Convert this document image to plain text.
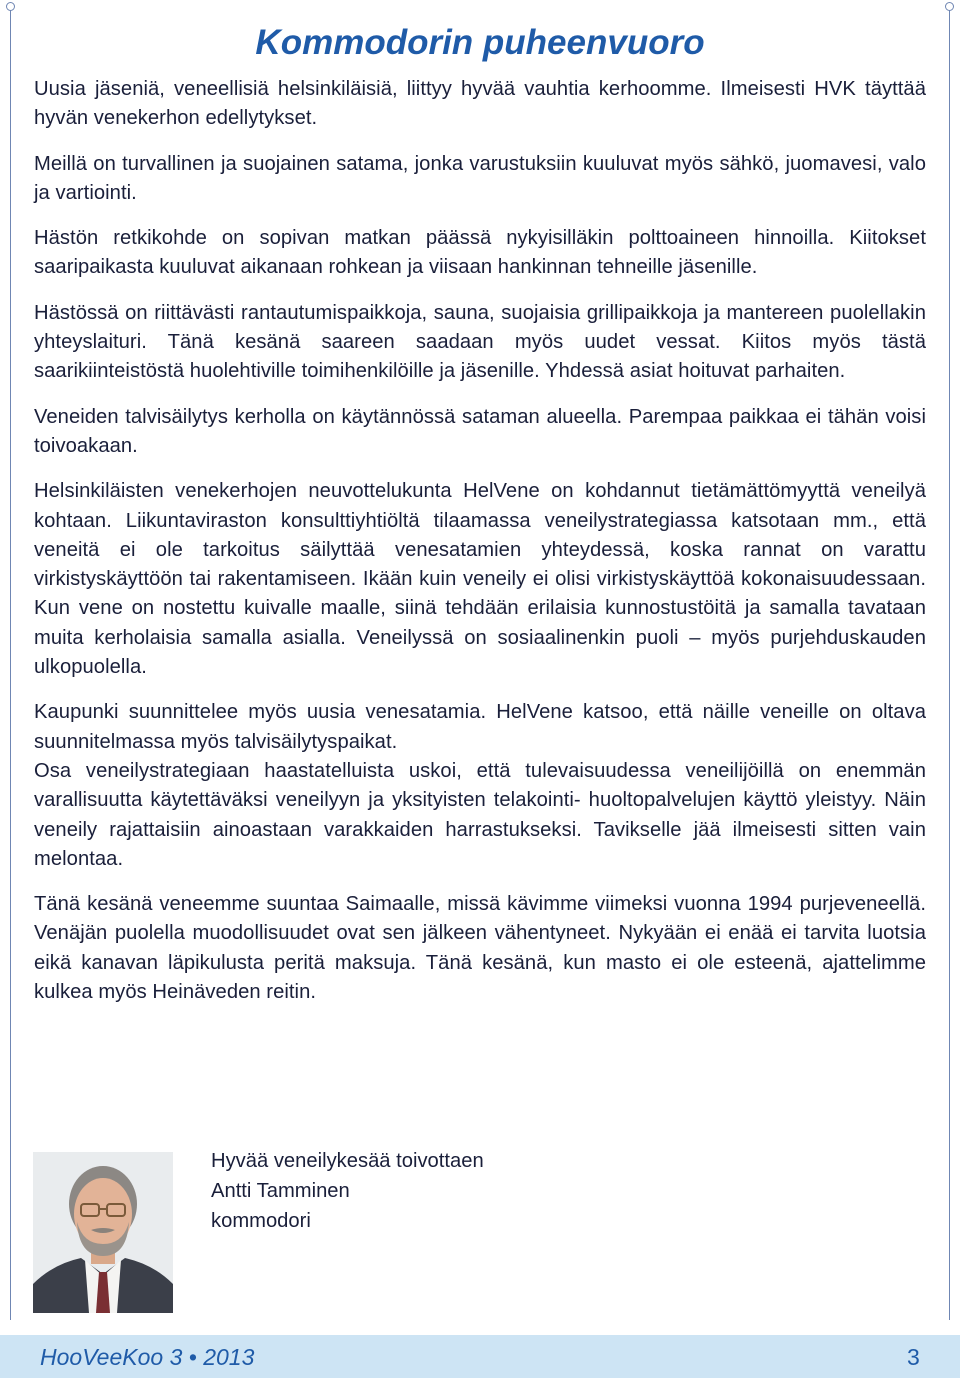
Kommodorin puheenvuoro

Uusia jäseniä, veneellisiä helsinkiläisiä, liittyy hyvää vauhtia kerhoomme. Ilmeisesti HVK täyttää hyvän venekerhon edellytykset.

Meillä on turvallinen ja suojainen satama, jonka varustuksiin kuuluvat myös sähkö, juomavesi, valo ja vartiointi.

Hästön retkikohde on sopivan matkan päässä nykyisilläkin polttoaineen hinnoilla. Kiitokset saaripaikasta kuuluvat aikanaan rohkean ja viisaan hankinnan tehneille jäsenille.

Hästössä on riittävästi rantautumispaikkoja, sauna, suojaisia grillipaikkoja ja mantereen puolellakin yhteyslaituri. Tänä kesänä saareen saadaan myös uudet vessat. Kiitos myös tästä saarikiinteistöstä huolehtiville toimihenkilöille ja jäsenille. Yhdessä asiat hoituvat parhaiten.

Veneiden talvisäilytys kerholla on käytännössä sataman alueella. Parempaa paikkaa ei tähän voisi toivoakaan.

Helsinkiläisten venekerhojen neuvottelukunta HelVene on kohdannut tietämättömyyttä veneilyä kohtaan. Liikuntaviraston konsulttiyhtiöltä tilaamassa veneilystrategiassa katsotaan mm., että veneitä ei ole tarkoitus säilyttää venesatamien yhteydessä, koska rannat on varattu virkistyskäyttöön tai rakentamiseen. Ikään kuin veneily ei olisi virkistyskäyttöä kokonaisuudessaan. Kun vene on nostettu kuivalle maalle, siinä tehdään erilaisia kunnostustöitä ja samalla tavataan muita kerholaisia samalla asialla. Veneilyssä on sosiaalinenkin puoli – myös purjehduskauden ulkopuolella.

Kaupunki suunnittelee myös uusia venesatamia. HelVene katsoo, että näille veneille on oltava suunnitelmassa myös talvisäilytyspaikat.

Osa veneilystrategiaan haastatelluista uskoi, että tulevaisuudessa veneilijöillä on enemmän varallisuutta käytettäväksi veneilyyn ja yksityisten telakointi- huoltopalvelujen käyttö yleistyy. Näin veneily rajattaisiin ainoastaan varakkaiden harrastukseksi. Tavikselle jää ilmeisesti sitten vain melontaa.

Tänä kesänä veneemme suuntaa Saimaalle, missä kävimme viimeksi vuonna 1994 purjeveneellä. Venäjän puolella muodollisuudet ovat sen jälkeen vähentyneet. Nykyään ei enää ei tarvita luotsia eikä kanavan läpikulusta peritä maksuja. Tänä kesänä, kun masto ei ole esteenä, ajattelimme kulkea myös Heinäveden reitin.

Hyvää veneilykesää toivottaen
Antti Tamminen
kommodori
HooVeeKoo 3 • 2013	3
